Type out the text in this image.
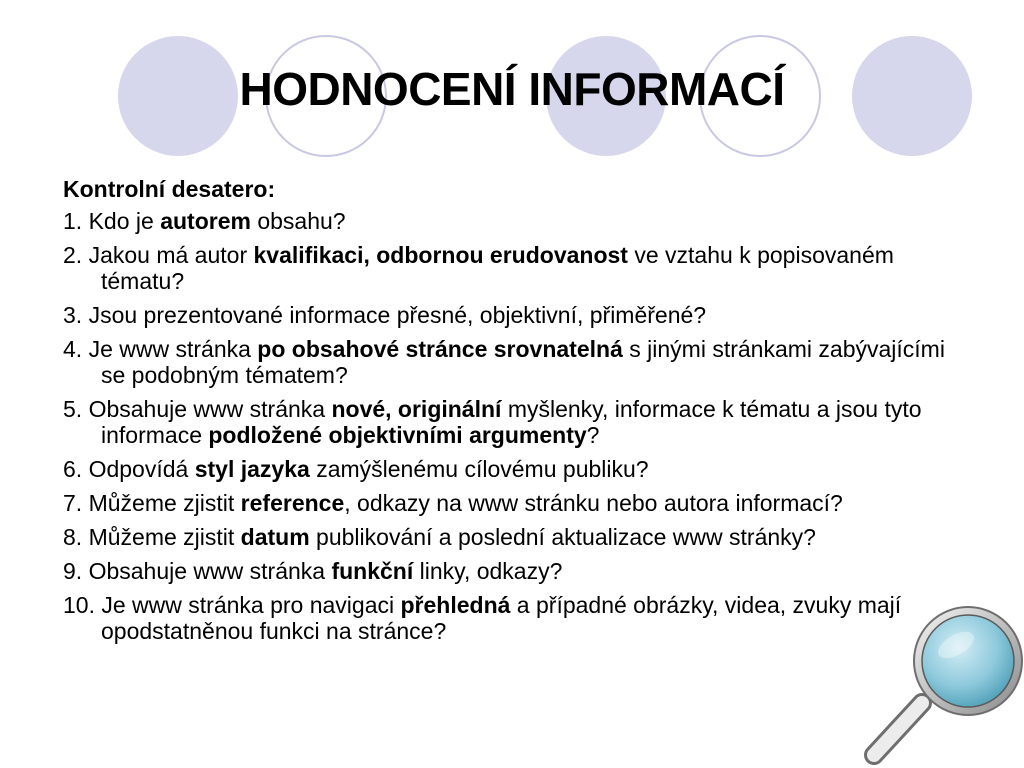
HODNOCENÍ INFORMACÍ
Kontrolní desatero:
1. Kdo je autorem obsahu?
2. Jakou má autor kvalifikaci, odbornou erudovanost ve vztahu k popisovaném tématu?
3. Jsou prezentované informace přesné, objektivní, přiměřené?
4. Je www stránka po obsahové stránce srovnatelná s jinými stránkami zabývajícími se podobným tématem?
5. Obsahuje www stránka nové, originální myšlenky, informace k tématu a jsou tyto informace podložené objektivními argumenty?
6. Odpovídá styl jazyka zamýšlenému cílovému publiku?
7. Můžeme zjistit reference, odkazy na www stránku nebo autora informací?
8. Můžeme zjistit datum publikování a poslední aktualizace www stránky?
9. Obsahuje www stránka funkční linky, odkazy?
10. Je www stránka pro navigaci přehledná a případné obrázky, videa, zvuky mají opodstatněnou funkci na stránce?
